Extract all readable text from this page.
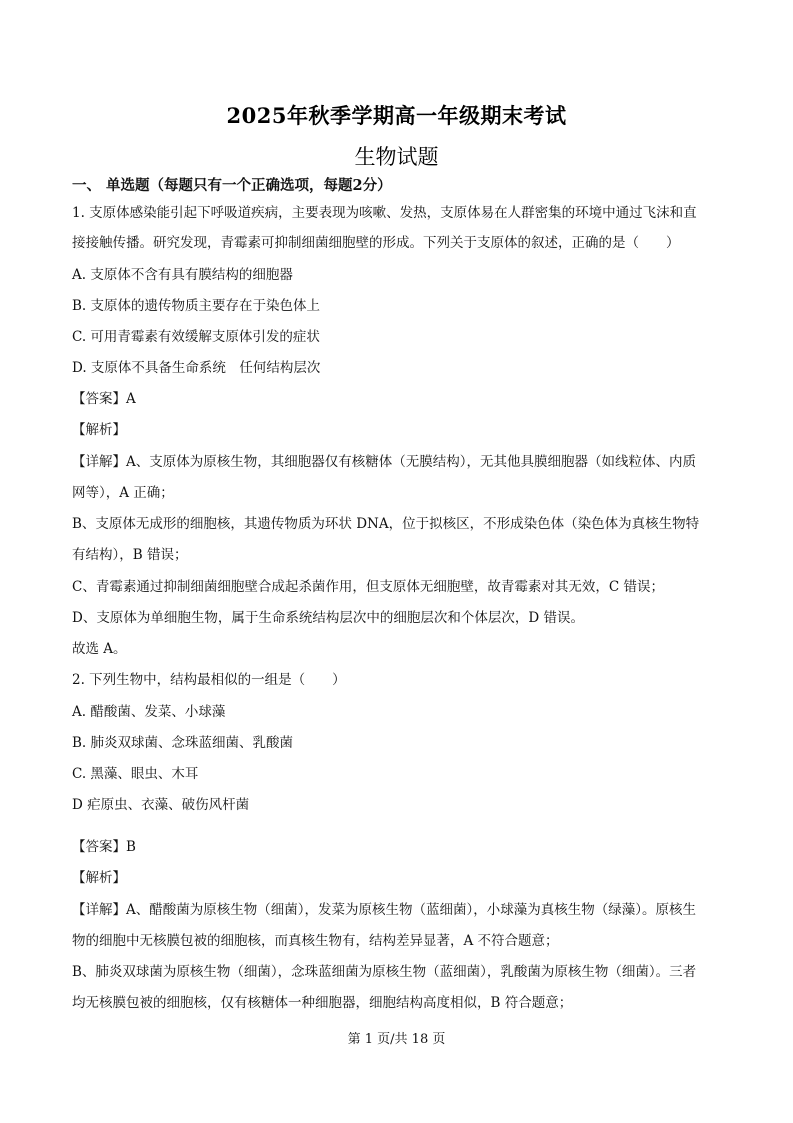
2025年秋季学期高一年级期末考试
生物试题
一、 单选题（每题只有一个正确选项，每题2分）
1. 支原体感染能引起下呼吸道疾病，主要表现为咳嗽、发热，支原体易在人群密集的环境中通过飞沫和直
接接触传播。研究发现，青霉素可抑制细菌细胞壁的形成。下列关于支原体的叙述，正确的是（　　）
A. 支原体不含有具有膜结构的细胞器
B. 支原体的遗传物质主要存在于染色体上
C. 可用青霉素有效缓解支原体引发的症状
D. 支原体不具备生命系统　任何结构层次
【答案】A
【解析】
【详解】A、支原体为原核生物，其细胞器仅有核糖体（无膜结构），无其他具膜细胞器（如线粒体、内质
网等），A 正确；
B、支原体无成形的细胞核，其遗传物质为环状 DNA，位于拟核区，不形成染色体（染色体为真核生物特
有结构），B 错误；
C、青霉素通过抑制细菌细胞壁合成起杀菌作用，但支原体无细胞壁，故青霉素对其无效，C 错误；
D、支原体为单细胞生物，属于生命系统结构层次中的细胞层次和个体层次，D 错误。
故选 A。
2. 下列生物中，结构最相似的一组是（　　）
A. 醋酸菌、发菜、小球藻
B. 肺炎双球菌、念珠蓝细菌、乳酸菌
C. 黑藻、眼虫、木耳
D 疟原虫、衣藻、破伤风杆菌
【答案】B
【解析】
【详解】A、醋酸菌为原核生物（细菌），发菜为原核生物（蓝细菌），小球藻为真核生物（绿藻）。原核生
物的细胞中无核膜包被的细胞核，而真核生物有，结构差异显著，A 不符合题意；
B、肺炎双球菌为原核生物（细菌），念珠蓝细菌为原核生物（蓝细菌），乳酸菌为原核生物（细菌）。三者
均无核膜包被的细胞核，仅有核糖体一种细胞器，细胞结构高度相似，B 符合题意；
第 1 页/共 18 页
